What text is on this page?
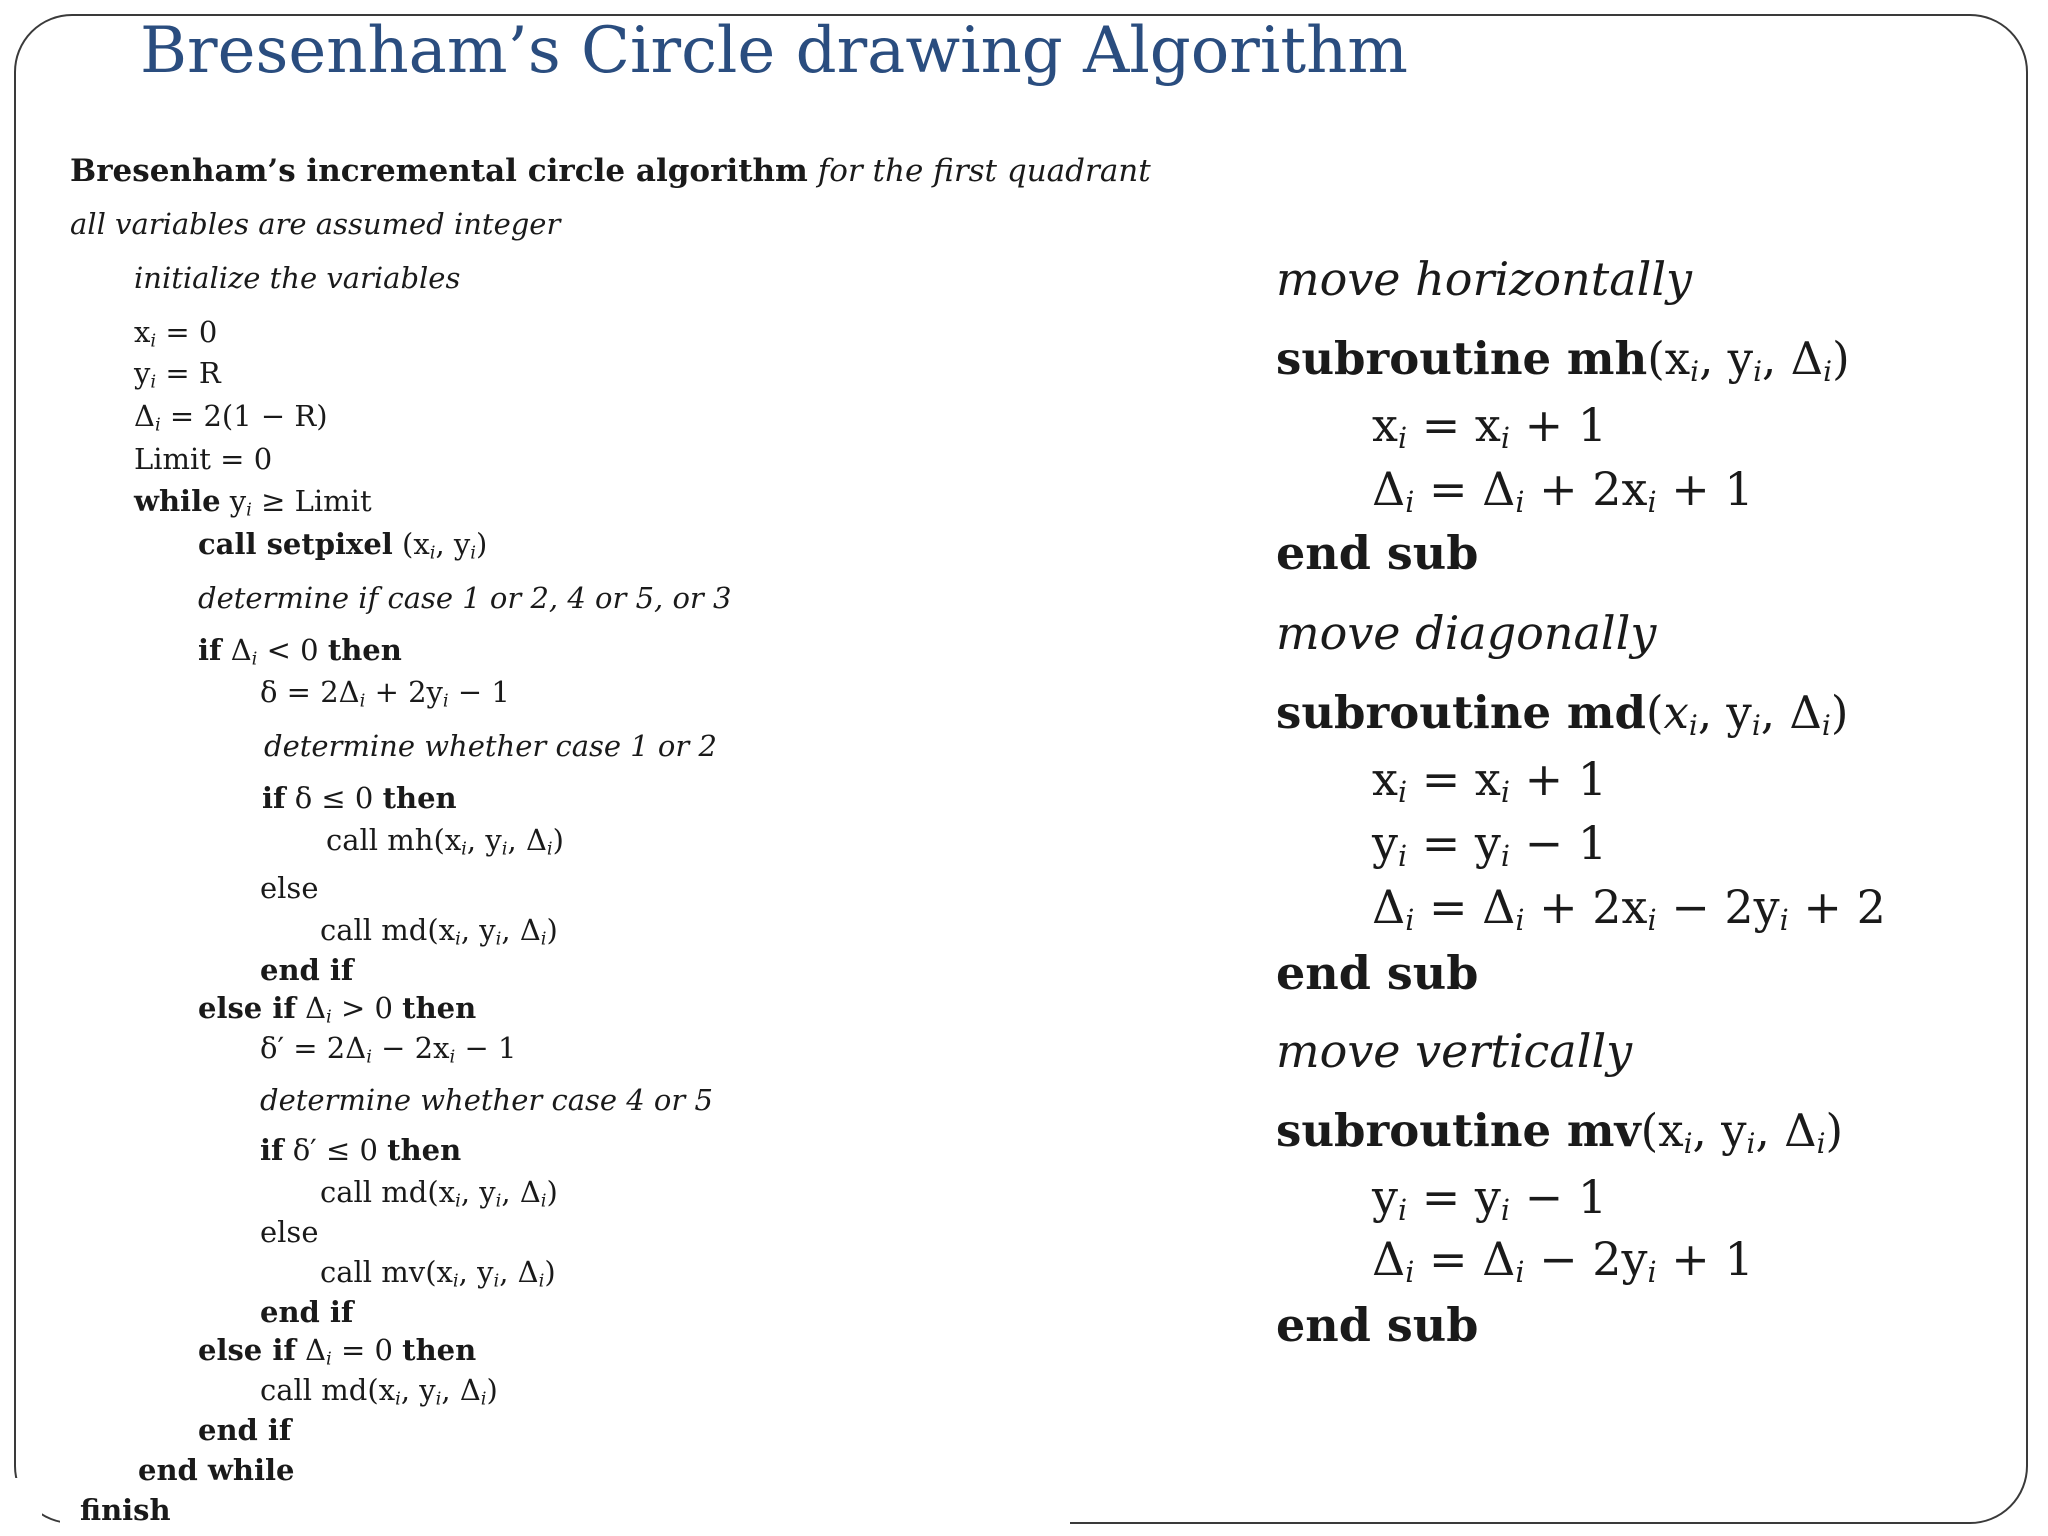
Bresenham’s Circle drawing Algorithm
Bresenham’s incremental circle algorithm for the first quadrant
all variables are assumed integer
initialize the variables
$x_i = 0$
$y_i = R$
$\Delta_i = 2(1 - R)$
Limit = 0
while $y_i$ ≥ Limit
call setpixel ($x_i$, $y_i$)
determine if case 1 or 2, 4 or 5, or 3
if $\Delta_i < 0$ then
$\delta = 2\Delta_i + 2y_i - 1$
determine whether case 1 or 2
if δ ≤ 0 then
call $mh(x_i$, $y_i$, $\Delta_i$)
else
call $md(x_i$, $y_i$, $\Delta_i$)
end if
else if $\Delta_i > 0$ then
$\delta' = 2\Delta_i - 2x_i - 1$
determine whether case 4 or 5
if δ′ ≤ 0 then
call $md(x_i$, $y_i$, $\Delta_i$)
else
call $mv(x_i$, $y_i$, $\Delta_i$)
end if
else if $\Delta_i = 0$ then
call $md(x_i$, $y_i$, $\Delta_i$)
end if
end while
finish
move horizontally
subroutine $mh(x_i$, $y_i$, $\Delta_i$)
$x_i = x_i + 1$
$\Delta_i = \Delta_i + 2x_i + 1$
end sub
move diagonally
subroutine $md(x_i$, $y_i$, $\Delta_i$)
$x_i = x_i + 1$
$y_i = y_i - 1$
$\Delta_i = \Delta_i + 2x_i - 2y_i + 2$
end sub
move vertically
subroutine $mv(x_i$, $y_i$, $\Delta_i$)
$y_i = y_i - 1$
$\Delta_i = \Delta_i - 2y_i + 1$
end sub
